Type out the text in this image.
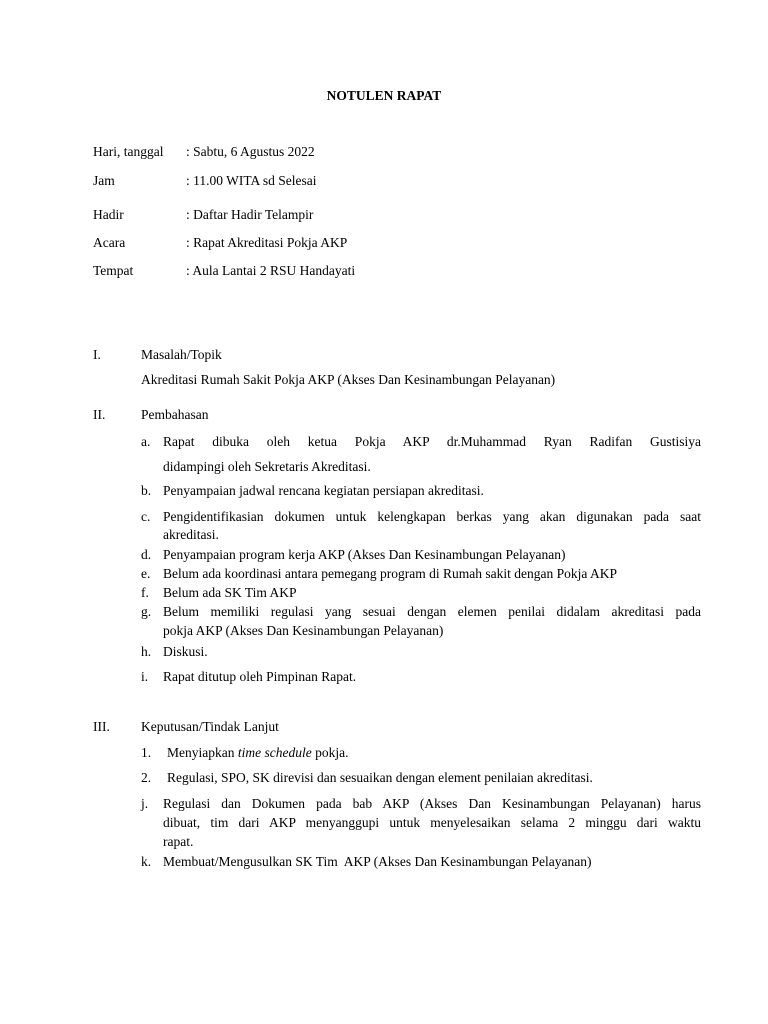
NOTULEN RAPAT
Hari, tanggal : Sabtu, 6 Agustus 2022
Jam	: 11.00 WITA sd Selesai
Hadir	: Daftar Hadir Telampir
Acara	: Rapat Akreditasi Pokja AKP
Tempat	: Aula Lantai 2 RSU Handayati
I.	Masalah/Topik
Akreditasi Rumah Sakit Pokja AKP (Akses Dan Kesinambungan Pelayanan)
II.	Pembahasan
a. Rapat dibuka oleh ketua Pokja AKP dr.Muhammad Ryan Radifan Gustisiya
didampingi oleh Sekretaris Akreditasi.
b. Penyampaian jadwal rencana kegiatan persiapan akreditasi.
c. Pengidentifikasian dokumen untuk kelengkapan berkas yang akan digunakan pada saat
akreditasi.
d. Penyampaian program kerja AKP (Akses Dan Kesinambungan Pelayanan)
e. Belum ada koordinasi antara pemegang program di Rumah sakit dengan Pokja AKP
f. Belum ada SK Tim AKP
g. Belum memiliki regulasi yang sesuai dengan elemen penilai didalam akreditasi pada
pokja AKP (Akses Dan Kesinambungan Pelayanan)
h. Diskusi.
i. Rapat ditutup oleh Pimpinan Rapat.
III. Keputusan/Tindak Lanjut
1. Menyiapkan time schedule pokja.
2. Regulasi, SPO, SK direvisi dan sesuaikan dengan element penilaian akreditasi.
j. Regulasi dan Dokumen pada bab AKP (Akses Dan Kesinambungan Pelayanan) harus
dibuat, tim dari AKP menyanggupi untuk menyelesaikan selama 2 minggu dari waktu
rapat.
k. Membuat/Mengusulkan SK Tim  AKP (Akses Dan Kesinambungan Pelayanan)
